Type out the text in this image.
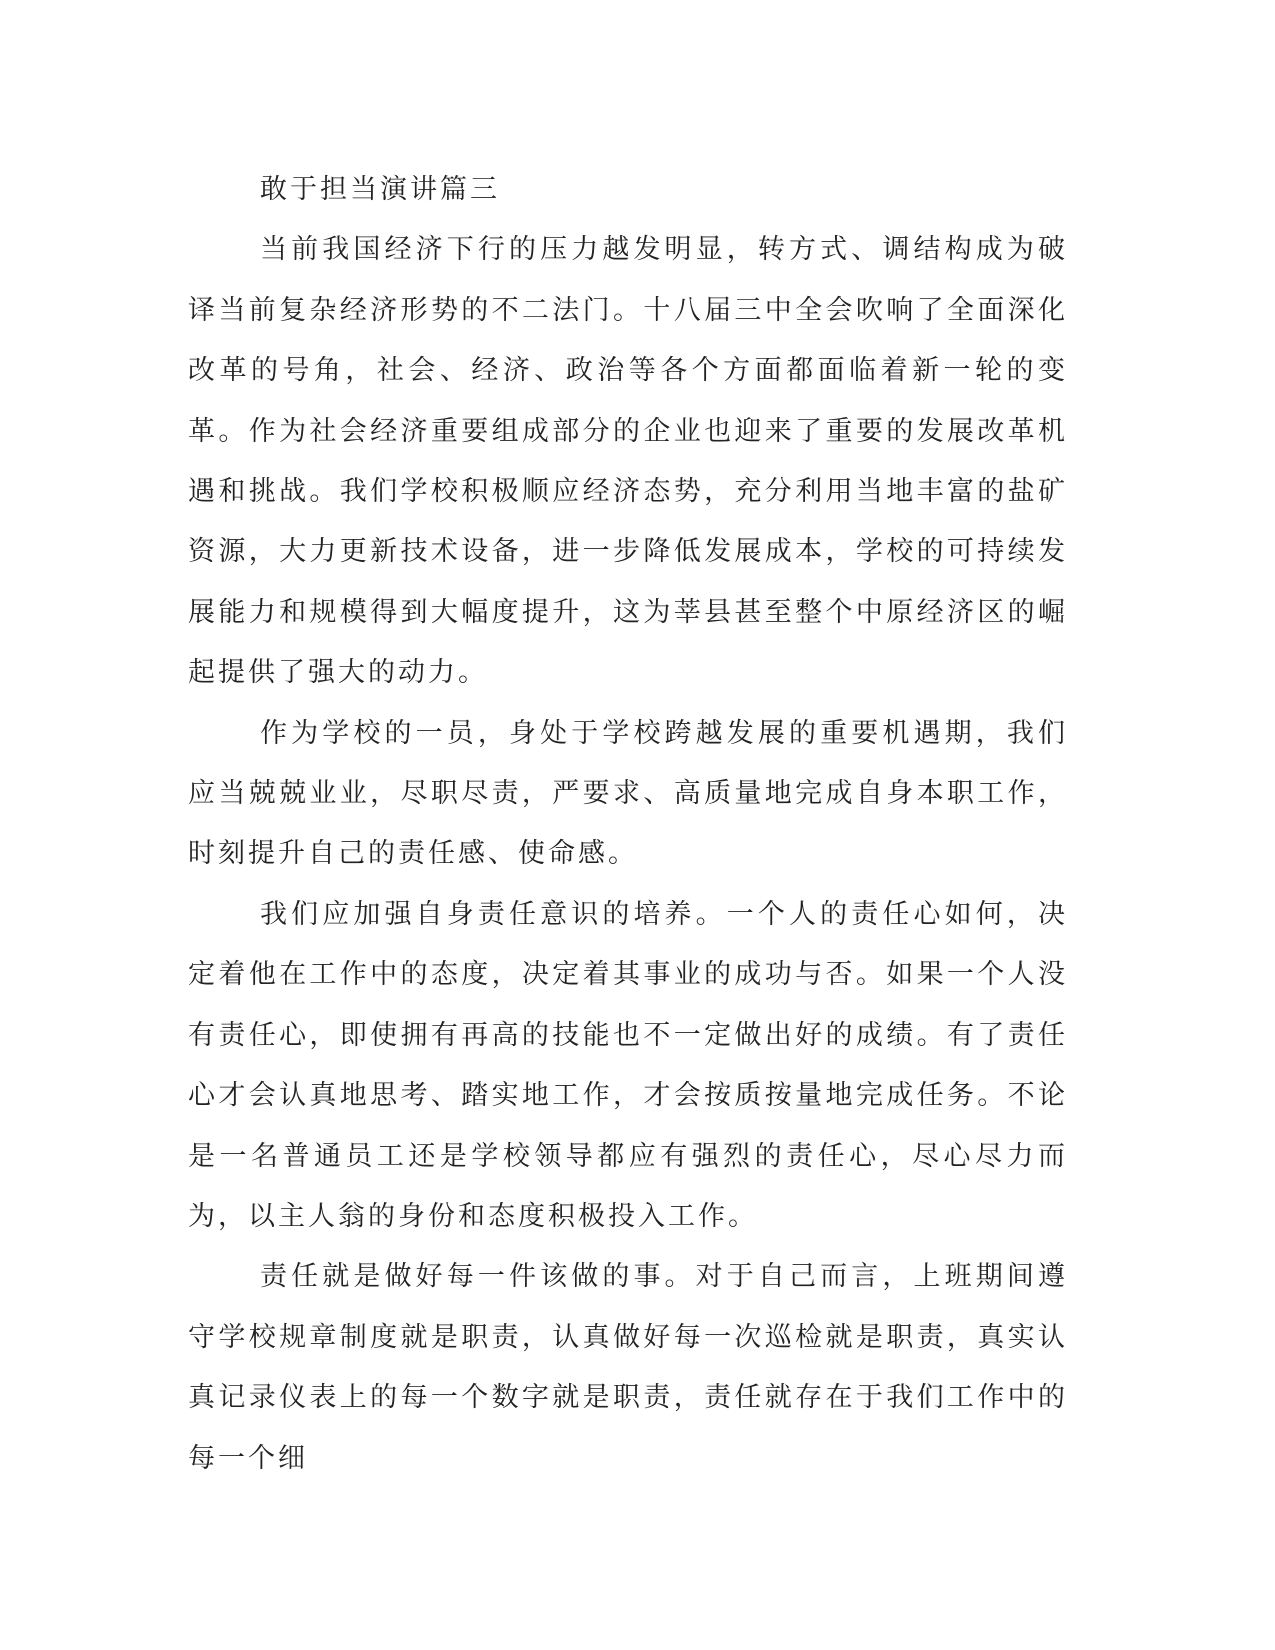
敢于担当演讲篇三

当前我国经济下行的压力越发明显，转方式、调结构成为破译当前复杂经济形势的不二法门。十八届三中全会吹响了全面深化改革的号角，社会、经济、政治等各个方面都面临着新一轮的变革。作为社会经济重要组成部分的企业也迎来了重要的发展改革机遇和挑战。我们学校积极顺应经济态势，充分利用当地丰富的盐矿资源，大力更新技术设备，进一步降低发展成本，学校的可持续发展能力和规模得到大幅度提升，这为莘县甚至整个中原经济区的崛起提供了强大的动力。

作为学校的一员，身处于学校跨越发展的重要机遇期，我们应当兢兢业业，尽职尽责，严要求、高质量地完成自身本职工作，时刻提升自己的责任感、使命感。

我们应加强自身责任意识的培养。一个人的责任心如何，决定着他在工作中的态度，决定着其事业的成功与否。如果一个人没有责任心，即使拥有再高的技能也不一定做出好的成绩。有了责任心才会认真地思考、踏实地工作，才会按质按量地完成任务。不论是一名普通员工还是学校领导都应有强烈的责任心，尽心尽力而为，以主人翁的身份和态度积极投入工作。

责任就是做好每一件该做的事。对于自己而言，上班期间遵守学校规章制度就是职责，认真做好每一次巡检就是职责，真实认真记录仪表上的每一个数字就是职责，责任就存在于我们工作中的每一个细
